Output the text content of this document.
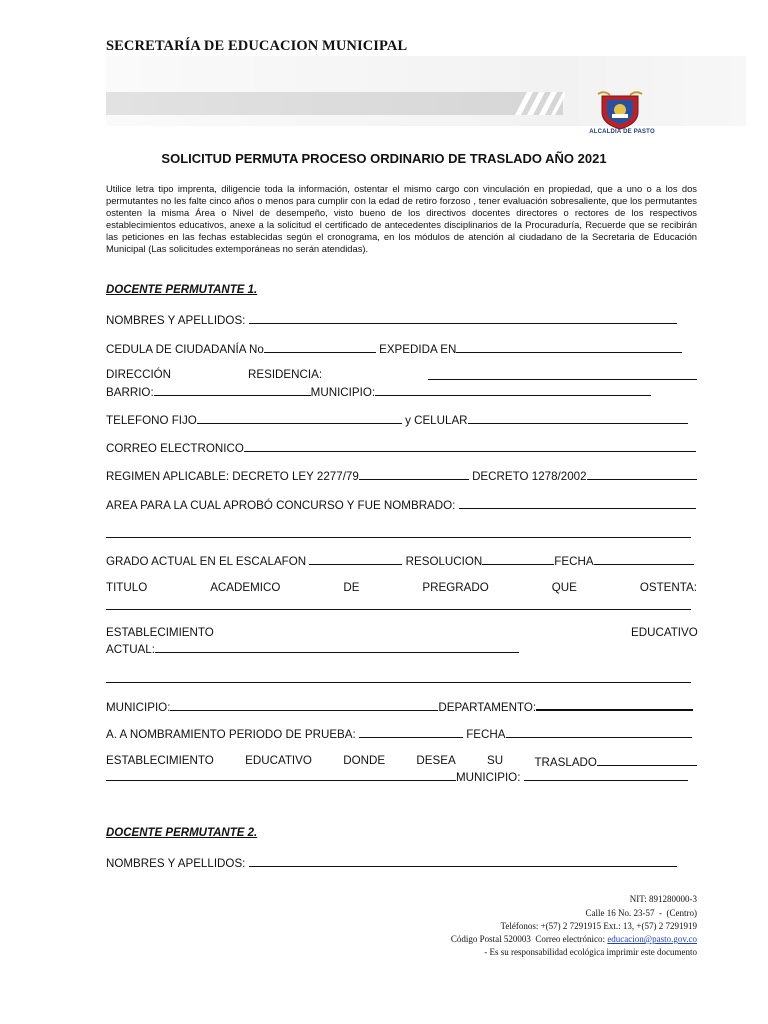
SECRETARÍA DE EDUCACION MUNICIPAL
ALCALDIA DE PASTO
SOLICITUD PERMUTA PROCESO ORDINARIO DE TRASLADO AÑO 2021
Utilice letra tipo imprenta, diligencie toda la información, ostentar el mismo cargo con vinculación en propiedad, que a uno o a los dos permutantes no les falte cinco años o menos para cumplir con la edad de retiro forzoso , tener evaluación sobresaliente, que los permutantes ostenten la misma Área o Nivel de desempeño, visto bueno de los directivos docentes directores o rectores de los respectivos establecimientos educativos, anexe a la solicitud el certificado de antecedentes disciplinarios de la Procuraduría, Recuerde que se recibirán las peticiones en las fechas establecidas según el cronograma, en los módulos de atención al ciudadano de la Secretaria de Educación Municipal (Las solicitudes extemporáneas no serán atendidas).
DOCENTE PERMUTANTE 1.
NOMBRES Y APELLIDOS:
CEDULA DE CIUDADANÍA No	EXPEDIDA EN
DIRECCIÓN	RESIDENCIA:
BARRIO:	MUNICIPIO:
TELEFONO FIJO	y CELULAR
CORREO ELECTRONICO
REGIMEN APLICABLE: DECRETO LEY 2277/79	DECRETO 1278/2002
AREA PARA LA CUAL APROBÓ CONCURSO Y FUE NOMBRADO:
GRADO ACTUAL EN EL ESCALAFON	RESOLUCION	FECHA
TITULO	ACADEMICO	DE	PREGRADO	QUE	OSTENTA:
ESTABLECIMIENTO	EDUCATIVO
ACTUAL:
MUNICIPIO:	DEPARTAMENTO:
A. A NOMBRAMIENTO PERIODO DE PRUEBA:	FECHA
ESTABLECIMIENTO	EDUCATIVO	DONDE	DESEA	SU	TRASLADO
MUNICIPIO:
DOCENTE PERMUTANTE 2.
NOMBRES Y APELLIDOS:
NIT: 891280000-3
Calle 16 No. 23-57  -  (Centro)
Teléfonos: +(57) 2 7291915 Ext.: 13, +(57) 2 7291919
Código Postal 520003  Correo electrónico: educacion@pasto.gov.co
- Es su responsabilidad ecológica imprimir este documento
